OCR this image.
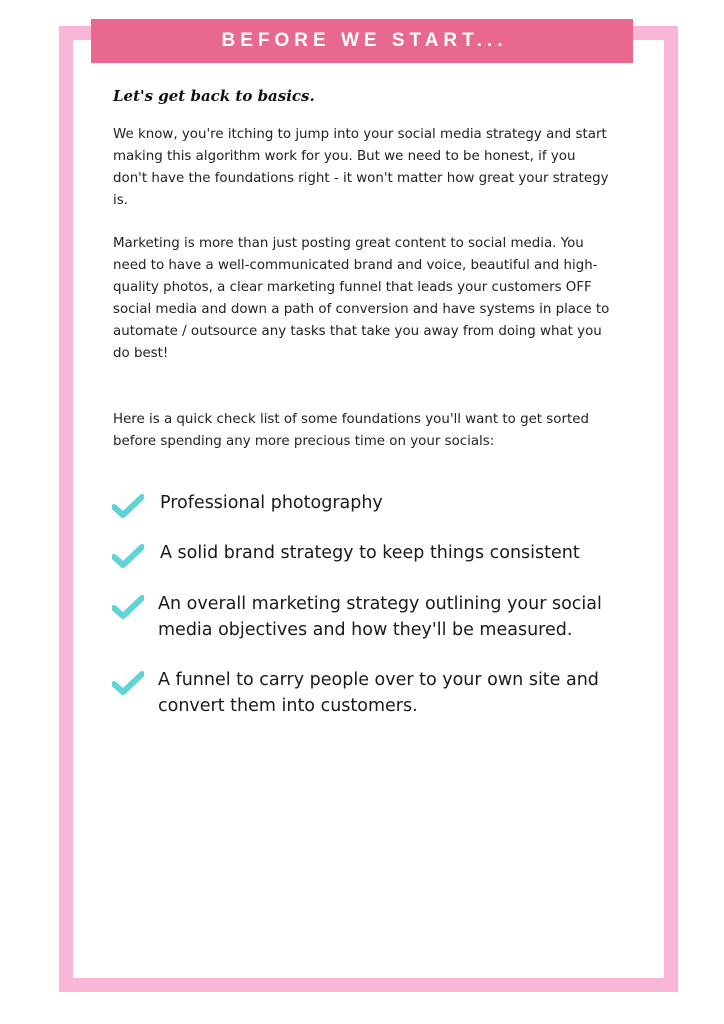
BEFORE WE START...
Let's get back to basics.

We know, you're itching to jump into your social media strategy and start making this algorithm work for you. But we need to be honest, if you don't have the foundations right - it won't matter how great your strategy is.

Marketing is more than just posting great content to social media. You need to have a well-communicated brand and voice, beautiful and high-quality photos, a clear marketing funnel that leads your customers OFF social media and down a path of conversion and have systems in place to automate / outsource any tasks that take you away from doing what you do best!

Here is a quick check list of some foundations you'll want to get sorted before spending any more precious time on your socials:

Professional photography
A solid brand strategy to keep things consistent
An overall marketing strategy outlining your social media objectives and how they'll be measured.
A funnel to carry people over to your own site and convert them into customers.
